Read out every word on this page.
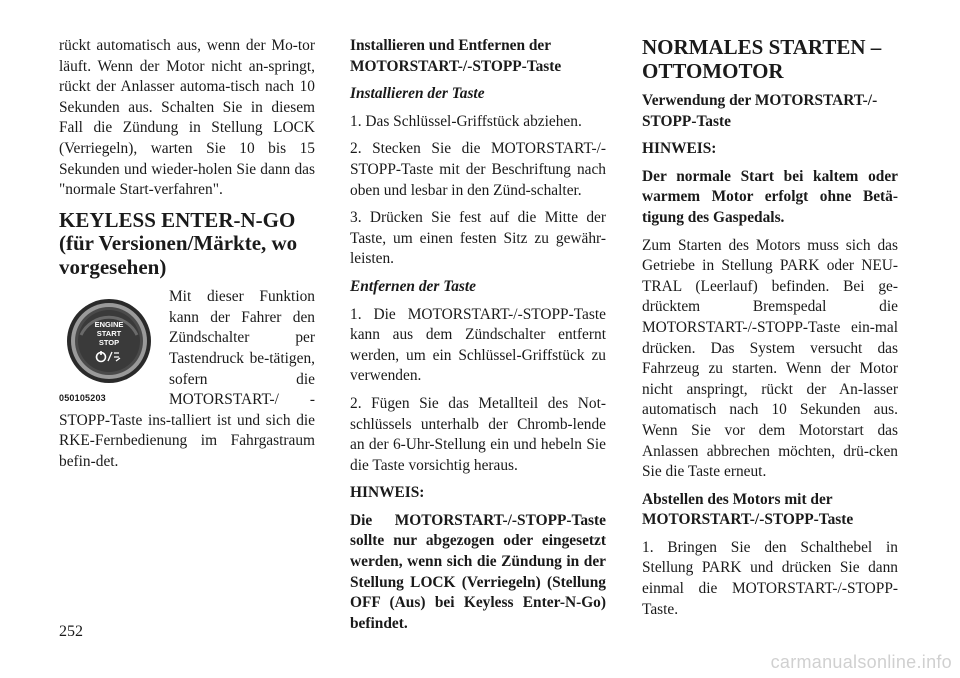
rückt automatisch aus, wenn der Mo-tor läuft. Wenn der Motor nicht an-springt, rückt der Anlasser automa-tisch nach 10 Sekunden aus. Schalten Sie in diesem Fall die Zündung in Stellung LOCK (Verriegeln), warten Sie 10 bis 15 Sekunden und wieder-holen Sie dann das "normale Start-verfahren".

KEYLESS ENTER-N-GO
(für Versionen/Märkte, wo
vorgesehen)
ENGINE
START
STOP
050105203

Mit dieser Funktion kann der Fahrer den Zündschalter per Tastendruck be-tätigen, sofern die MOTORSTART-/ -STOPP-Taste ins-talliert ist und sich die RKE-Fernbedienung im Fahrgastraum befin-det.

Installieren und Entfernen der MOTORSTART-/-STOPP-Taste

Installieren der Taste

1. Das Schlüssel-Griffstück abziehen.

2. Stecken Sie die MOTORSTART-/-STOPP-Taste mit der Beschriftung nach oben und lesbar in den Zünd-schalter.

3. Drücken Sie fest auf die Mitte der Taste, um einen festen Sitz zu gewähr-leisten.

Entfernen der Taste

1. Die MOTORSTART-/-STOPP-Taste kann aus dem Zündschalter entfernt werden, um ein Schlüssel-Griffstück zu verwenden.

2. Fügen Sie das Metallteil des Not-schlüssels unterhalb der Chromb-lende an der 6-Uhr-Stellung ein und hebeln Sie die Taste vorsichtig heraus.

HINWEIS:

Die MOTORSTART-/-STOPP-Taste sollte nur abgezogen oder eingesetzt werden, wenn sich die Zündung in der Stellung LOCK (Verriegeln) (Stellung OFF (Aus) bei Keyless Enter-N-Go) befindet.

NORMALES STARTEN –
OTTOMOTOR

Verwendung der MOTORSTART-/-STOPP-Taste

HINWEIS:

Der normale Start bei kaltem oder warmem Motor erfolgt ohne Betä-tigung des Gaspedals.

Zum Starten des Motors muss sich das Getriebe in Stellung PARK oder NEU-TRAL (Leerlauf) befinden. Bei ge-drücktem Bremspedal die MOTORSTART-/-STOPP-Taste ein-mal drücken. Das System versucht das Fahrzeug zu starten. Wenn der Motor nicht anspringt, rückt der An-lasser automatisch nach 10 Sekunden aus. Wenn Sie vor dem Motorstart das Anlassen abbrechen möchten, drü-cken Sie die Taste erneut.

Abstellen des Motors mit der MOTORSTART-/-STOPP-Taste

1. Bringen Sie den Schalthebel in Stellung PARK und drücken Sie dann einmal die MOTORSTART-/-STOPP-Taste.

252
carmanualsonline.info
